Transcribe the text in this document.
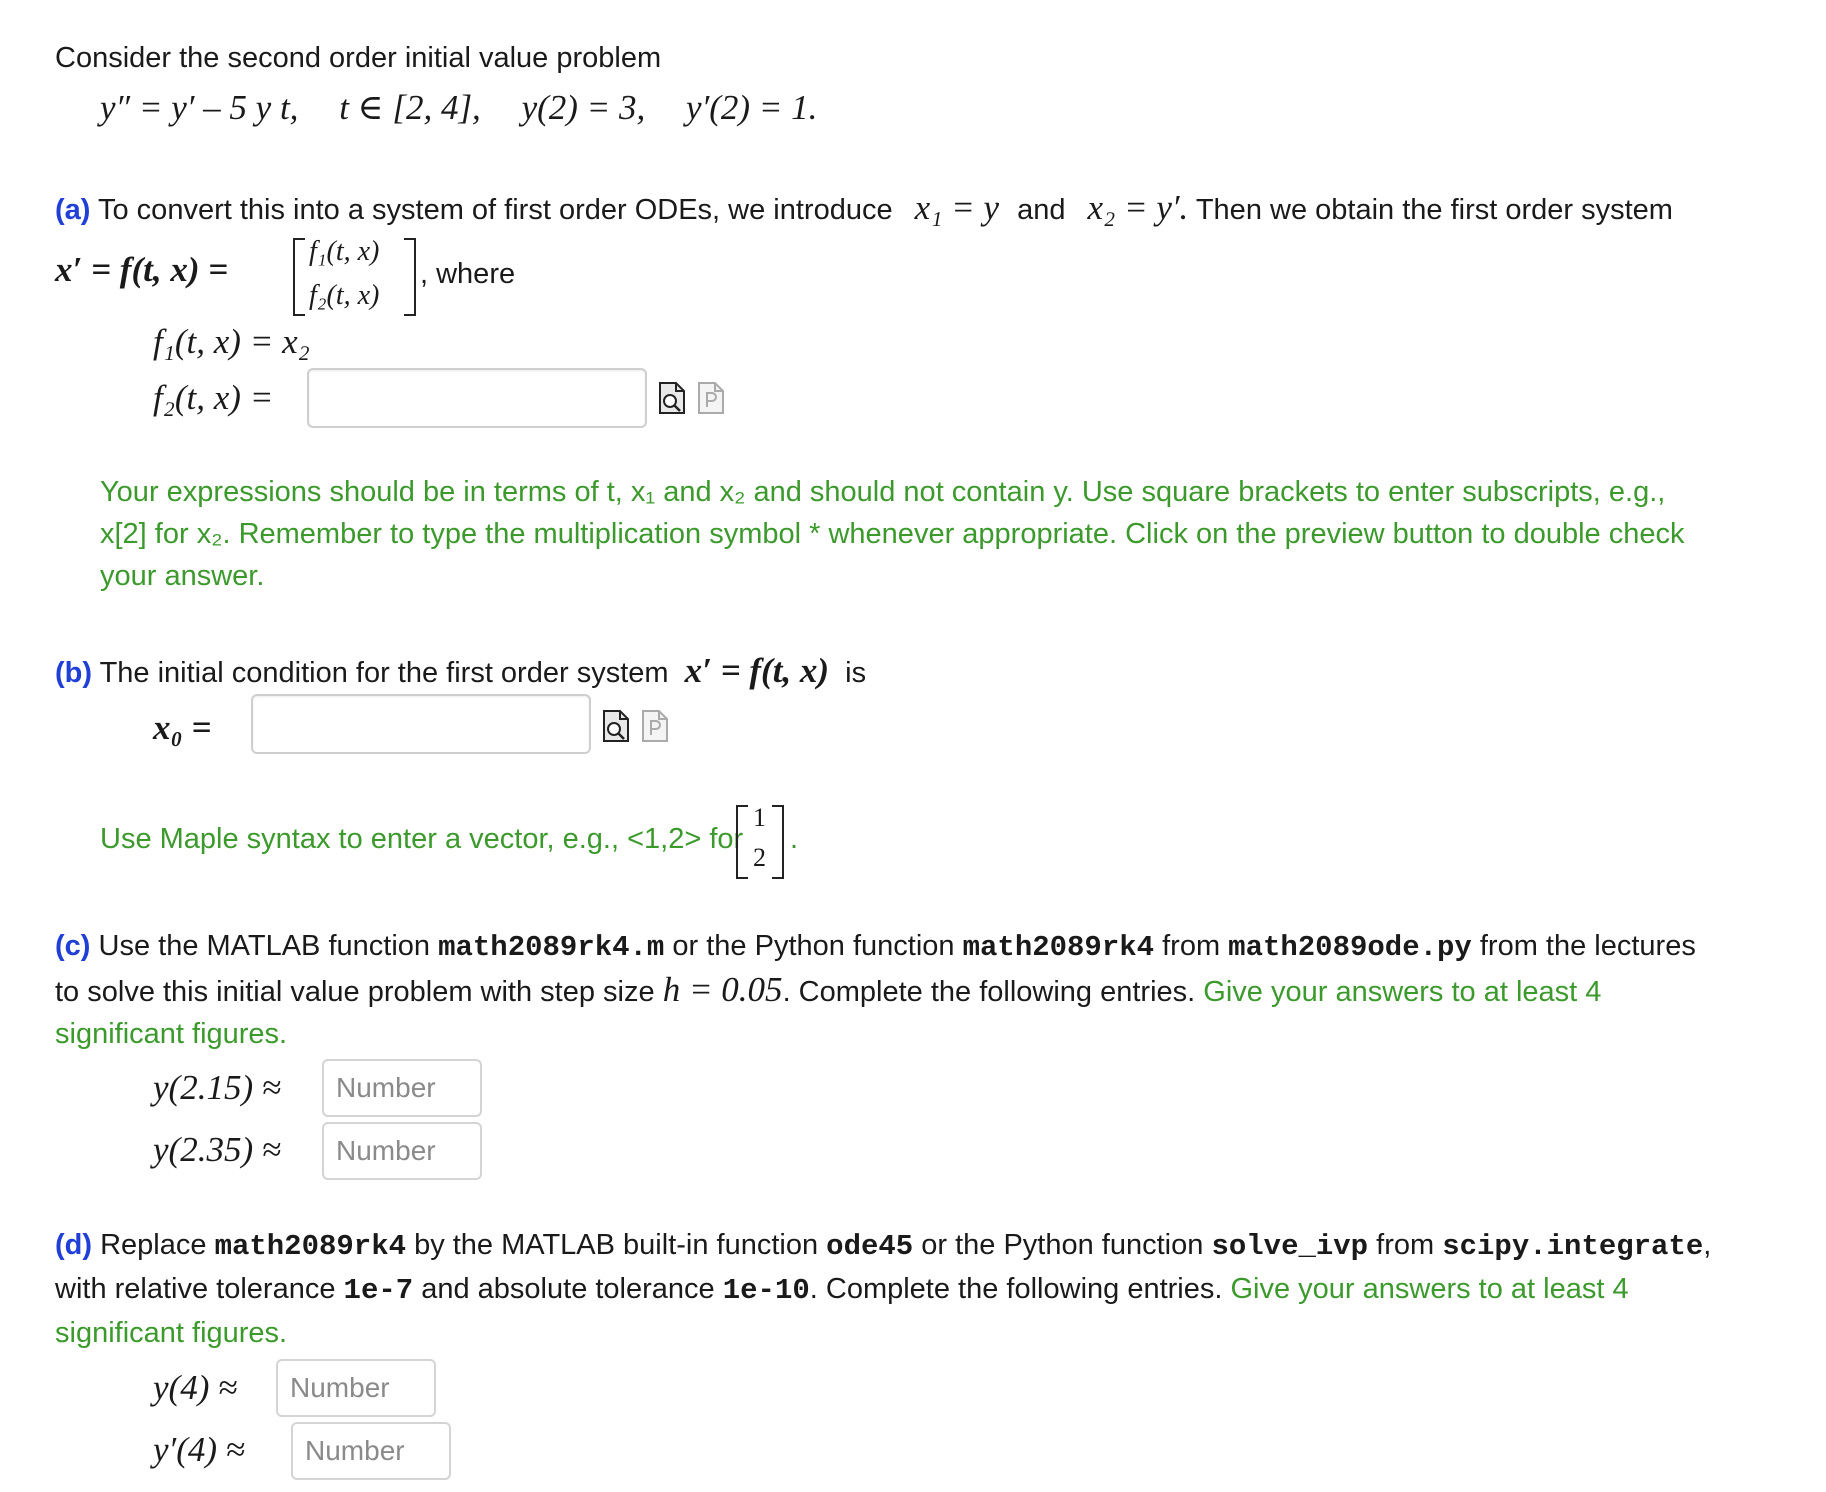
Consider the second order initial value problem
y″ = y′ – 5 y t, t ∈ [2, 4], y(2) = 3, y′(2) = 1.
(a) To convert this into a system of first order ODEs, we introduce x₁ = y and x₂ = y′. Then we obtain the first order system
x′ = f(t, x) =	f₁(t, x)
f₂(t, x)
, where
f₁(t, x) = x₂
f₂(t, x) =
Your expressions should be in terms of t, x₁ and x₂ and should not contain y. Use square brackets to enter subscripts, e.g., x[2] for x₂. Remember to type the multiplication symbol * whenever appropriate. Click on the preview button to double check your answer.
(b) The initial condition for the first order system x′ = f(t, x) is
x₀ =
Use Maple syntax to enter a vector, e.g., <1,2> for
1
2
.
(c) Use the MATLAB function math2089rk4.m or the Python function math2089rk4 from math2089ode.py from the lectures to solve this initial value problem with step size h = 0.05. Complete the following entries. Give your answers to at least 4 significant figures.
y(2.15) ≈	Number
y(2.35) ≈	Number
(d) Replace math2089rk4 by the MATLAB built-in function ode45 or the Python function solve_ivp from scipy.integrate, with relative tolerance 1e-7 and absolute tolerance 1e-10. Complete the following entries. Give your answers to at least 4 significant figures.
y(4) ≈	Number
y′(4) ≈	Number
